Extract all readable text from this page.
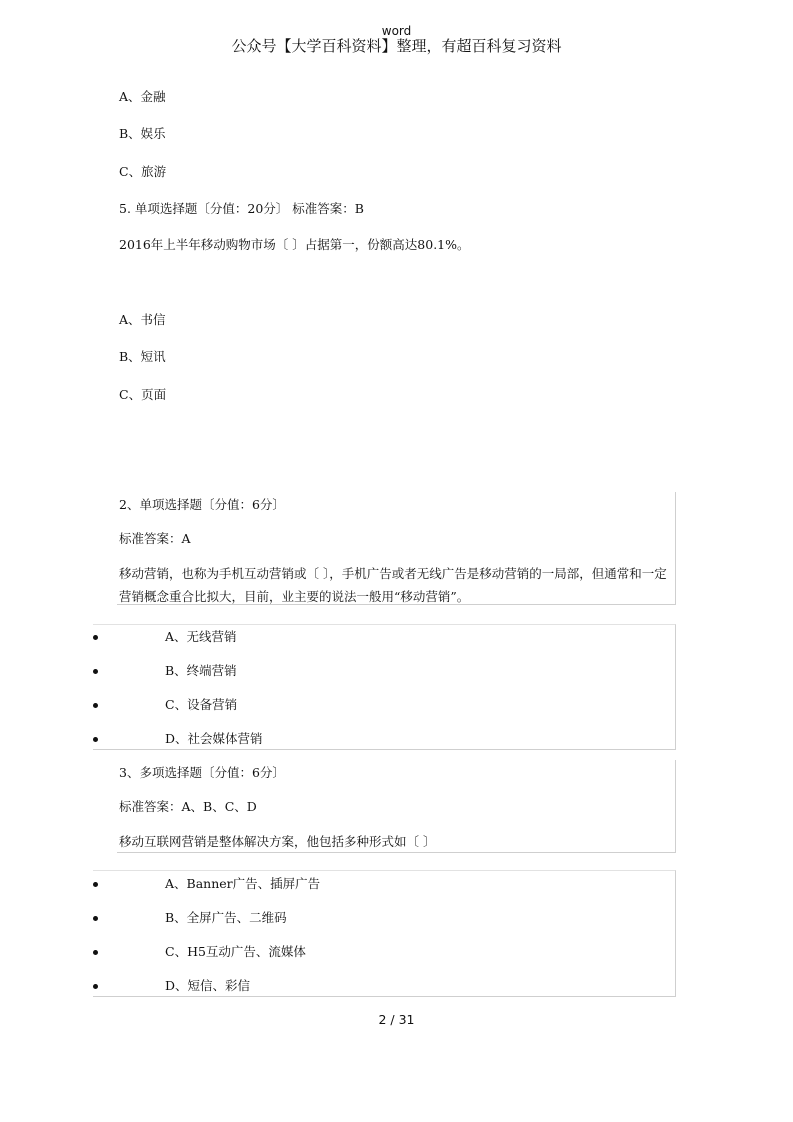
word
公众号【大学百科资料】整理，有超百科复习资料
A、金融
B、娱乐
C、旅游
5. 单项选择题〔分值：20分〕 标准答案：B
2016年上半年移动购物市场〔 〕占据第一，份额高达80.1%。
A、书信
B、短讯
C、页面
2、单项选择题〔分值：6分〕
标准答案：A
移动营销，也称为手机互动营销或〔 〕，手机广告或者无线广告是移动营销的一局部，但通常和一定营销概念重合比拟大，目前，业主要的说法一般用“移动营销”。
A、无线营销
B、终端营销
C、设备营销
D、社会媒体营销
3、多项选择题〔分值：6分〕
标准答案：A、B、C、D
移动互联网营销是整体解决方案，他包括多种形式如〔 〕
A、Banner广告、插屏广告
B、全屏广告、二维码
C、H5互动广告、流媒体
D、短信、彩信
2 / 31
